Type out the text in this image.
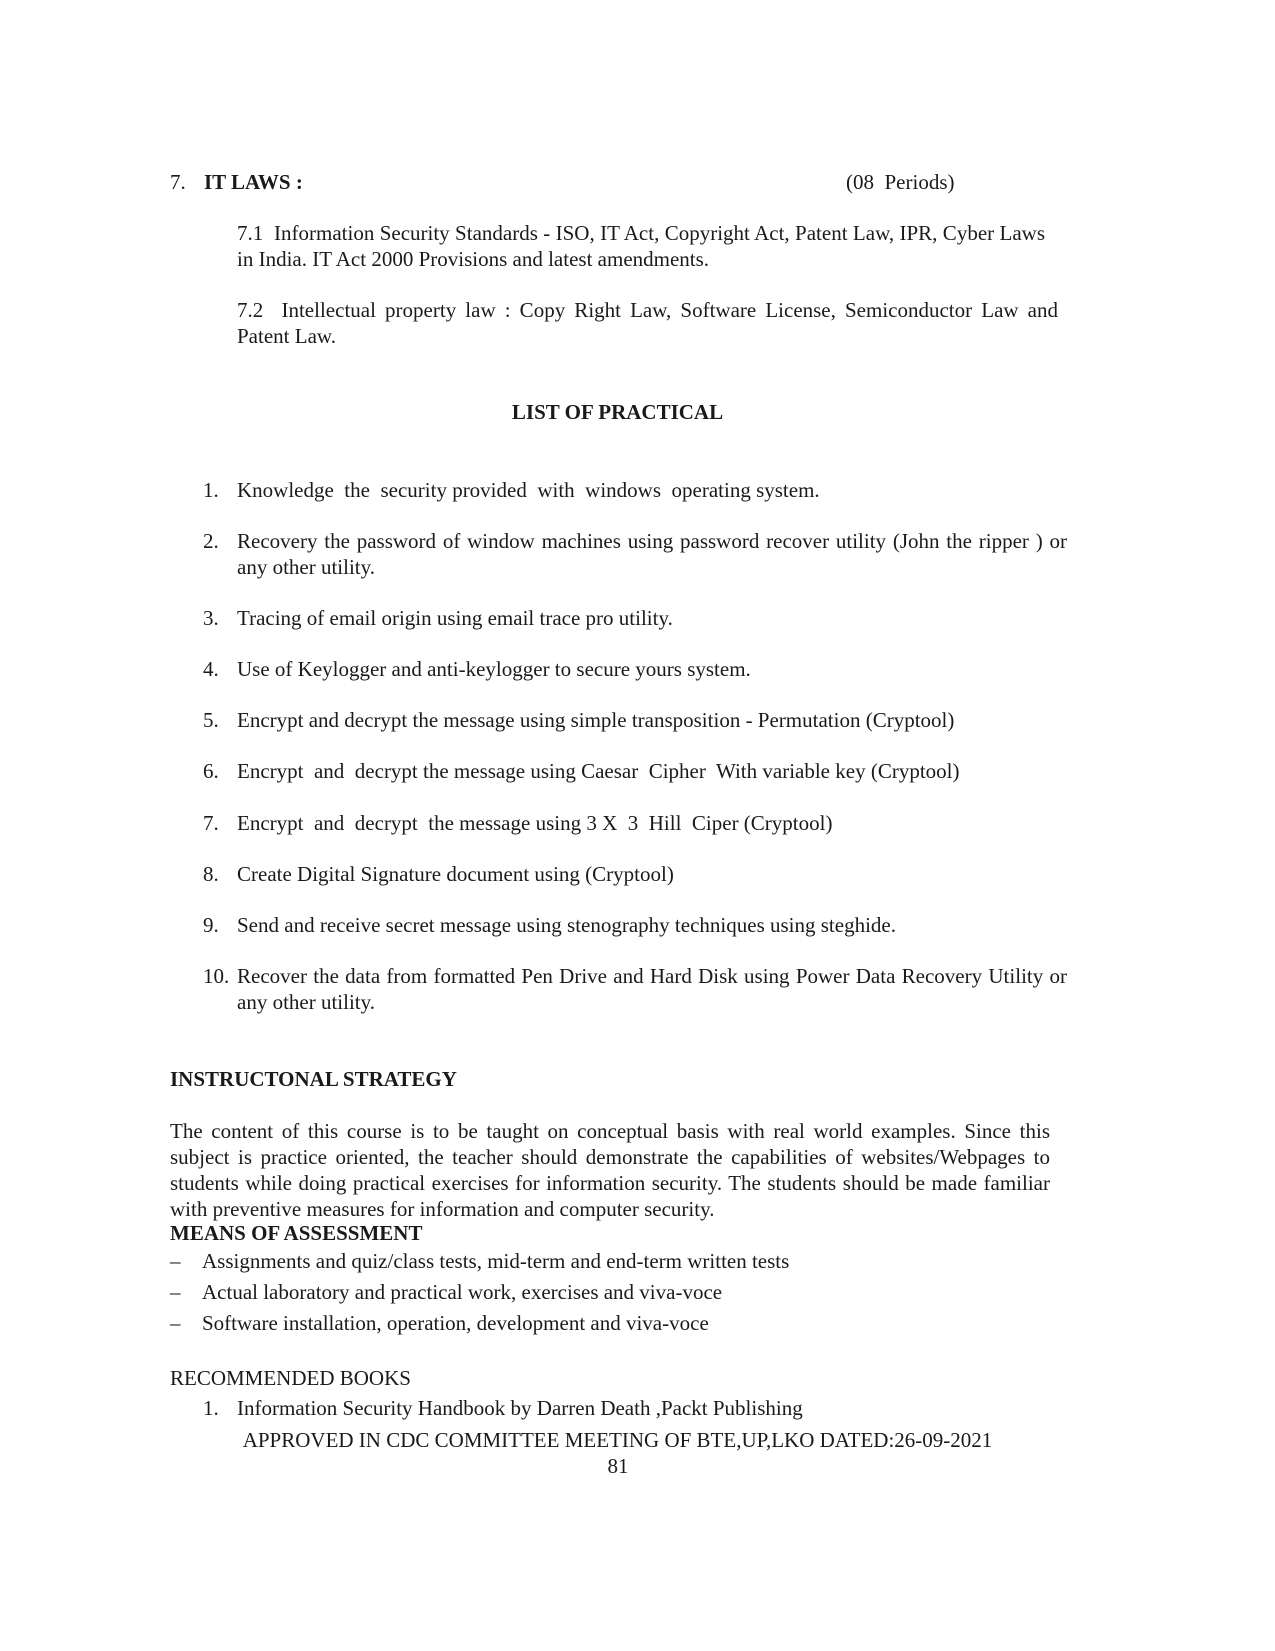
7. IT LAWS :	(08  Periods)
7.1 Information Security Standards - ISO, IT Act, Copyright Act, Patent Law, IPR, Cyber Laws in India. IT Act 2000 Provisions and latest amendments.
7.2 Intellectual property law : Copy Right Law, Software License, Semiconductor Law and Patent Law.
LIST OF PRACTICAL
1. Knowledge  the  security provided  with  windows  operating system.
2. Recovery the password of window machines using password recover utility (John the ripper ) or any other utility.
3. Tracing of email origin using email trace pro utility.
4. Use of Keylogger and anti-keylogger to secure yours system.
5. Encrypt and decrypt the message using simple transposition - Permutation (Cryptool)
6. Encrypt  and  decrypt the message using Caesar  Cipher  With variable key (Cryptool)
7. Encrypt  and  decrypt  the message using 3 X  3  Hill  Ciper (Cryptool)
8. Create Digital Signature document using (Cryptool)
9. Send and receive secret message using stenography techniques using steghide.
10. Recover the data from formatted Pen Drive and Hard Disk using Power Data Recovery Utility or any other utility.
INSTRUCTONAL STRATEGY
The content of this course is to be taught on conceptual basis with real world examples. Since this subject is practice oriented, the teacher should demonstrate the capabilities of websites/Webpages to students while doing practical exercises for information security. The students should be made familiar with preventive measures for information and computer security.
MEANS OF ASSESSMENT
– Assignments and quiz/class tests, mid-term and end-term written tests
– Actual laboratory and practical work, exercises and viva-voce
– Software installation, operation, development and viva-voce
RECOMMENDED BOOKS
1. Information Security Handbook by Darren Death ,Packt Publishing
APPROVED IN CDC COMMITTEE MEETING OF BTE,UP,LKO DATED:26-09-2021
81
